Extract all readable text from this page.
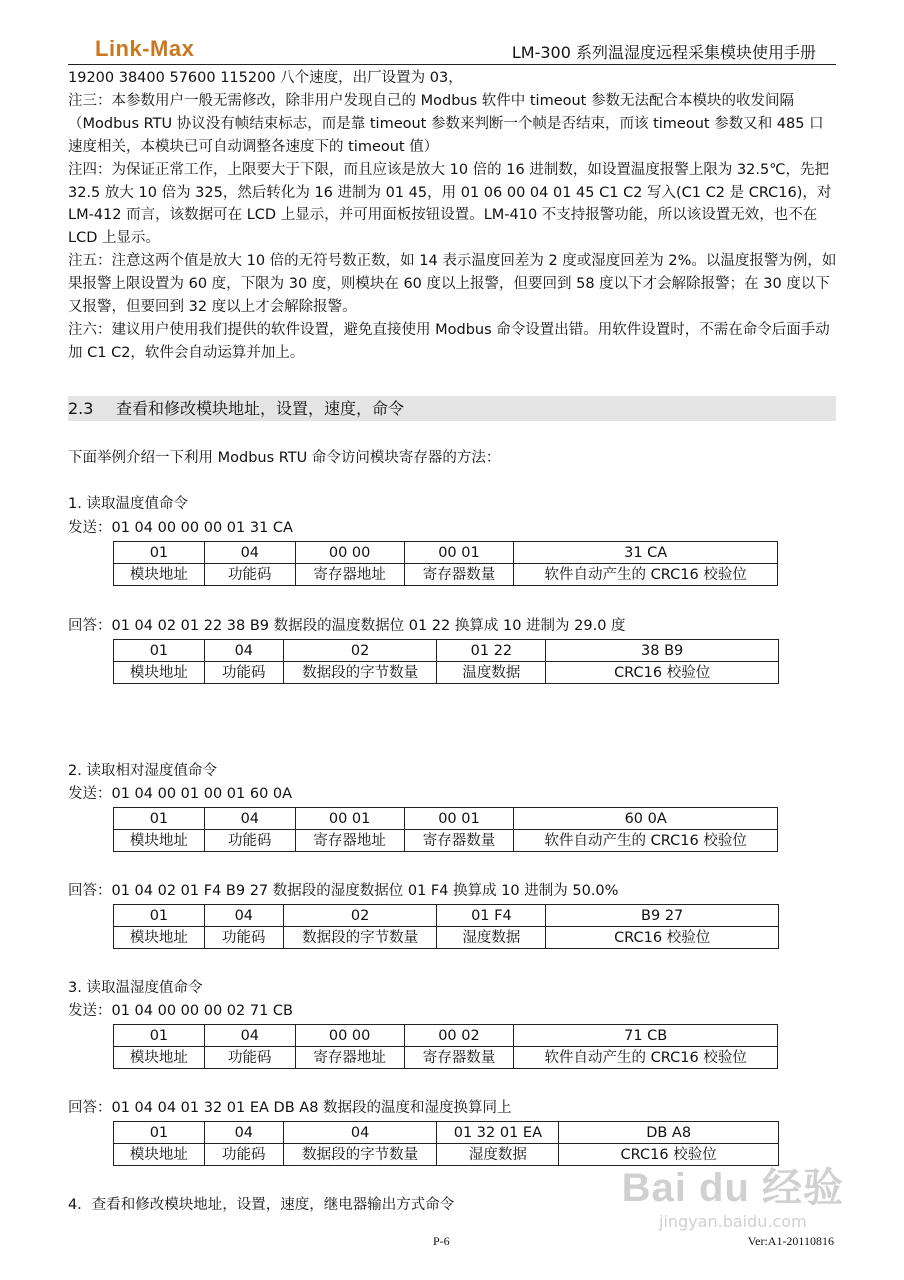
Link-Max	LM-300 系列温湿度远程采集模块使用手册

19200 38400 57600 115200 八个速度，出厂设置为 03，

注三：本参数用户一般无需修改，除非用户发现自己的 Modbus 软件中 timeout 参数无法配合本模块的收发间隔（Modbus RTU 协议没有帧结束标志，而是靠 timeout 参数来判断一个帧是否结束，而该 timeout 参数又和 485 口速度相关，本模块已可自动调整各速度下的 timeout 值）

注四：为保证正常工作，上限要大于下限，而且应该是放大 10 倍的 16 进制数，如设置温度报警上限为 32.5℃，先把 32.5 放大 10 倍为 325，然后转化为 16 进制为 01 45，用 01 06 00 04 01 45 C1 C2 写入(C1 C2 是 CRC16)，对 LM-412 而言，该数据可在 LCD 上显示，并可用面板按钮设置。LM-410 不支持报警功能，所以该设置无效，也不在 LCD 上显示。

注五：注意这两个值是放大 10 倍的无符号数正数，如 14 表示温度回差为 2 度或湿度回差为 2%。以温度报警为例，如果报警上限设置为 60 度，下限为 30 度，则模块在 60 度以上报警，但要回到 58 度以下才会解除报警；在 30 度以下又报警，但要回到 32 度以上才会解除报警。

注六：建议用户使用我们提供的软件设置，避免直接使用 Modbus 命令设置出错。用软件设置时，不需在命令后面手动加 C1 C2，软件会自动运算并加上。

2.3 查看和修改模块地址，设置，速度，命令
下面举例介绍一下利用 Modbus RTU 命令访问模块寄存器的方法：
1. 读取温度值命令
发送：01 04 00 00 00 01 31 CA
01	04	00 00	00 01	31 CA
模块地址	功能码	寄存器地址	寄存器数量	软件自动产生的 CRC16 校验位
回答：01 04 02 01 22 38 B9 数据段的温度数据位 01 22 换算成 10 进制为 29.0 度
01	04	02	01 22	38 B9
模块地址	功能码	数据段的字节数量	温度数据	CRC16 校验位
2. 读取相对湿度值命令
发送：01 04 00 01 00 01 60 0A
01	04	00 01	00 01	60 0A
模块地址	功能码	寄存器地址	寄存器数量	软件自动产生的 CRC16 校验位
回答：01 04 02 01 F4 B9 27 数据段的湿度数据位 01 F4 换算成 10 进制为 50.0%
01	04	02	01 F4	B9 27
模块地址	功能码	数据段的字节数量	湿度数据	CRC16 校验位
3. 读取温湿度值命令
发送：01 04 00 00 00 02 71 CB
01	04	00 00	00 02	71 CB
模块地址	功能码	寄存器地址	寄存器数量	软件自动产生的 CRC16 校验位
回答：01 04 04 01 32 01 EA DB A8 数据段的温度和湿度换算同上
01	04	04	01 32 01 EA	DB A8
模块地址	功能码	数据段的字节数量	湿度数据	CRC16 校验位
4．查看和修改模块地址，设置，速度，继电器输出方式命令	Bai du 经验
jingyan.baidu.com
P-6	Ver:A1-20110816
